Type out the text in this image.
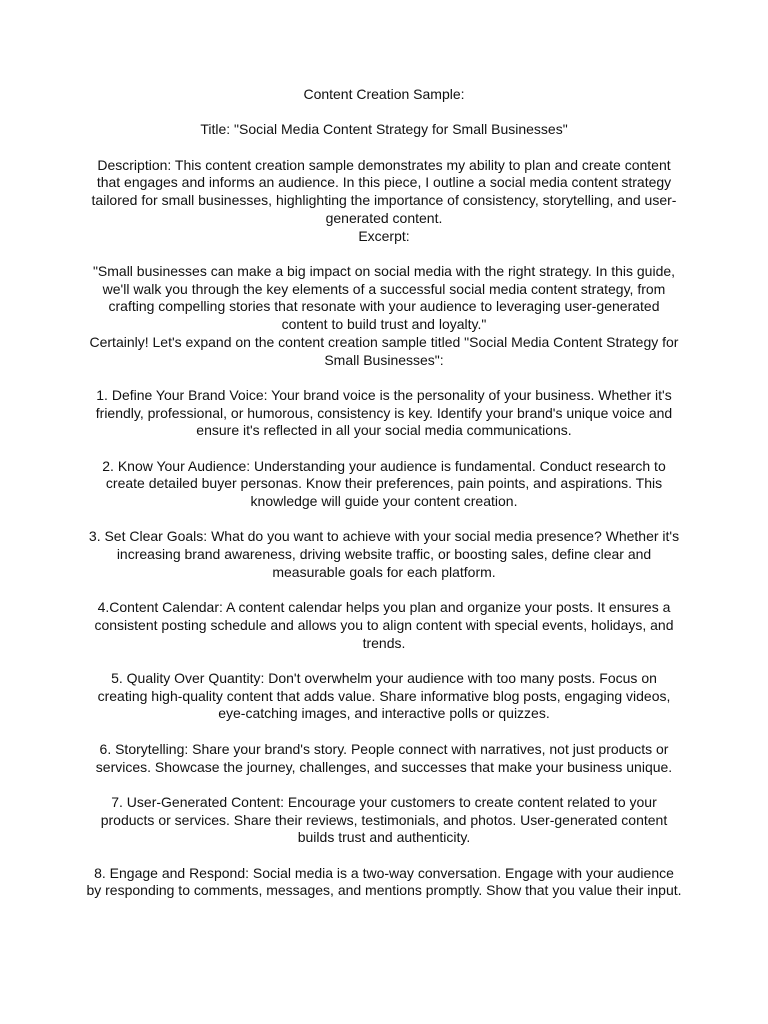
Content Creation Sample:

Title: "Social Media Content Strategy for Small Businesses"

Description: This content creation sample demonstrates my ability to plan and create content that engages and informs an audience. In this piece, I outline a social media content strategy tailored for small businesses, highlighting the importance of consistency, storytelling, and user-generated content.

Excerpt:

"Small businesses can make a big impact on social media with the right strategy. In this guide, we'll walk you through the key elements of a successful social media content strategy, from crafting compelling stories that resonate with your audience to leveraging user-generated content to build trust and loyalty."

Certainly! Let's expand on the content creation sample titled "Social Media Content Strategy for Small Businesses":

1. Define Your Brand Voice: Your brand voice is the personality of your business. Whether it's friendly, professional, or humorous, consistency is key. Identify your brand's unique voice and ensure it's reflected in all your social media communications.

2. Know Your Audience: Understanding your audience is fundamental. Conduct research to create detailed buyer personas. Know their preferences, pain points, and aspirations. This knowledge will guide your content creation.

3. Set Clear Goals: What do you want to achieve with your social media presence? Whether it's increasing brand awareness, driving website traffic, or boosting sales, define clear and measurable goals for each platform.

4.Content Calendar: A content calendar helps you plan and organize your posts. It ensures a consistent posting schedule and allows you to align content with special events, holidays, and trends.

5. Quality Over Quantity: Don't overwhelm your audience with too many posts. Focus on creating high-quality content that adds value. Share informative blog posts, engaging videos, eye-catching images, and interactive polls or quizzes.

6. Storytelling: Share your brand's story. People connect with narratives, not just products or services. Showcase the journey, challenges, and successes that make your business unique.

7. User-Generated Content: Encourage your customers to create content related to your products or services. Share their reviews, testimonials, and photos. User-generated content builds trust and authenticity.

8. Engage and Respond: Social media is a two-way conversation. Engage with your audience by responding to comments, messages, and mentions promptly. Show that you value their input.
